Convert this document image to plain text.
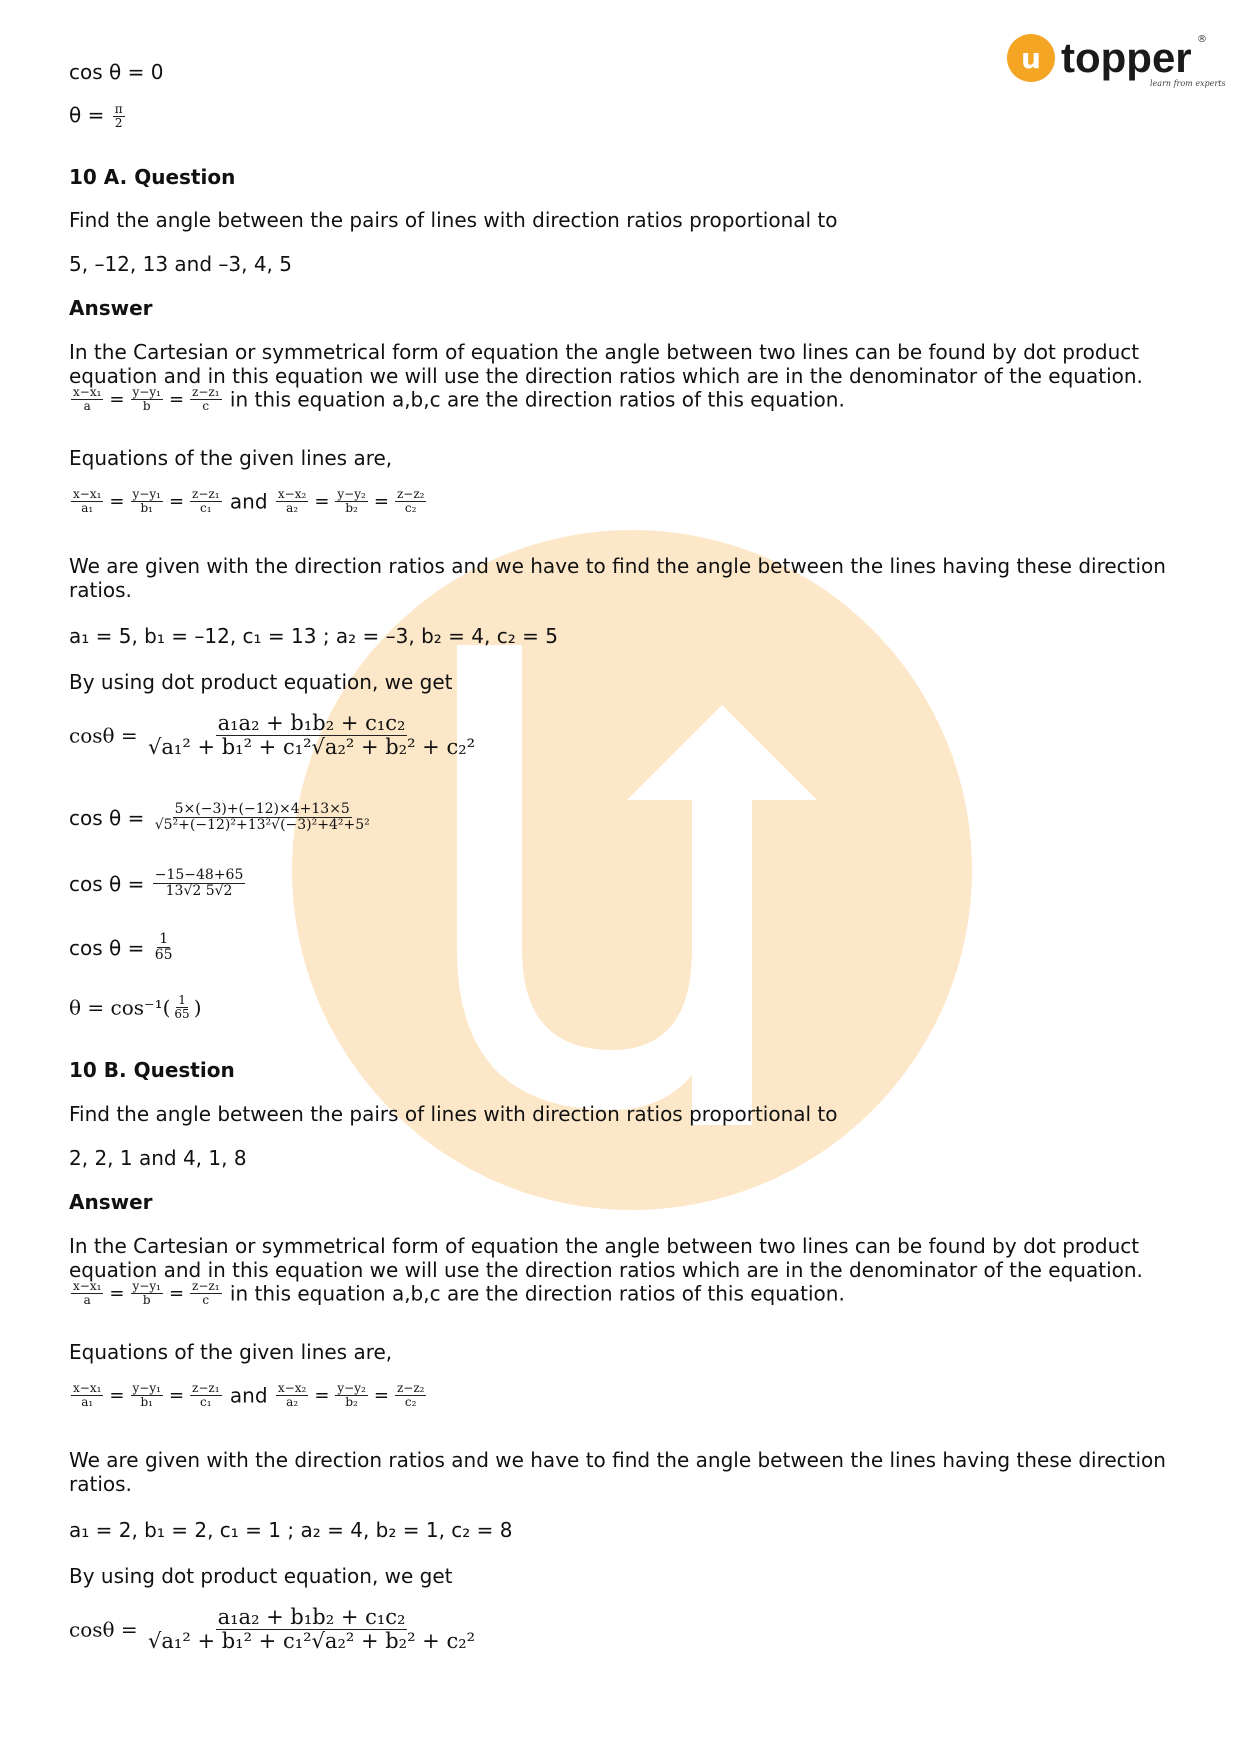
u topper ®
learn from experts
cos θ = 0
$\theta = \frac{\pi}{2}$
10 A. Question
Find the angle between the pairs of lines with direction ratios proportional to
5, –12, 13 and –3, 4, 5
Answer
In the Cartesian or symmetrical form of equation the angle between two lines can be found by dot product equation and in this equation we will use the direction ratios which are in the denominator of the equation.
$\frac{\text{x−x₁}}{a} = \frac{\text{y−y₁}}{b} = \frac{\text{z−z₁}}{c}$ in this equation a,b,c are the direction ratios of this equation.
Equations of the given lines are,
$\frac{\text{x−x₁}}{\text{a₁}} = \frac{\text{y−y₁}}{\text{b₁}} = \frac{\text{z−z₁}}{\text{c₁}}$ and $\frac{\text{x−x₂}}{\text{a₂}} = \frac{\text{y−y₂}}{\text{b₂}} = \frac{\text{z−z₂}}{\text{c₂}}$
We are given with the direction ratios and we have to find the angle between the lines having these direction ratios.
a₁ = 5, b₁ = –12, c₁ = 13 ; a₂ = –3, b₂ = 4, c₂ = 5
By using dot product equation, we get
$\cos\theta = \frac{\text{a₁a₂ + b₁b₂ + c₁c₂}}{\text{√a₁² + b₁² + c₁²√a₂² + b₂² + c₂²}}$
$\cos \theta = \frac{5\times(-3)+(-12)\times 4+13\times 5}{\text{√5²+(−12)²+13²√(−3)²+4²+5²}}$
$\cos \theta = \frac{-15-48+65}{13√2 5√2}$
$\cos \theta = \frac{1}{65}$
$\theta = \cos^{-1}( \frac{1}{65}$ )
10 B. Question
Find the angle between the pairs of lines with direction ratios proportional to
2, 2, 1 and 4, 1, 8
Answer
In the Cartesian or symmetrical form of equation the angle between two lines can be found by dot product equation and in this equation we will use the direction ratios which are in the denominator of the equation.
$\frac{\text{x−x₁}}{a} = \frac{\text{y−y₁}}{b} = \frac{\text{z−z₁}}{c}$ in this equation a,b,c are the direction ratios of this equation.
Equations of the given lines are,
$\frac{\text{x−x₁}}{\text{a₁}} = \frac{\text{y−y₁}}{\text{b₁}} = \frac{\text{z−z₁}}{\text{c₁}}$ and $\frac{\text{x−x₂}}{\text{a₂}} = \frac{\text{y−y₂}}{\text{b₂}} = \frac{\text{z−z₂}}{\text{c₂}}$
We are given with the direction ratios and we have to find the angle between the lines having these direction ratios.
a₁ = 2, b₁ = 2, c₁ = 1 ; a₂ = 4, b₂ = 1, c₂ = 8
By using dot product equation, we get
$\cos\theta = \frac{\text{a₁a₂ + b₁b₂ + c₁c₂}}{\text{√a₁² + b₁² + c₁²√a₂² + b₂² + c₂²}}$
